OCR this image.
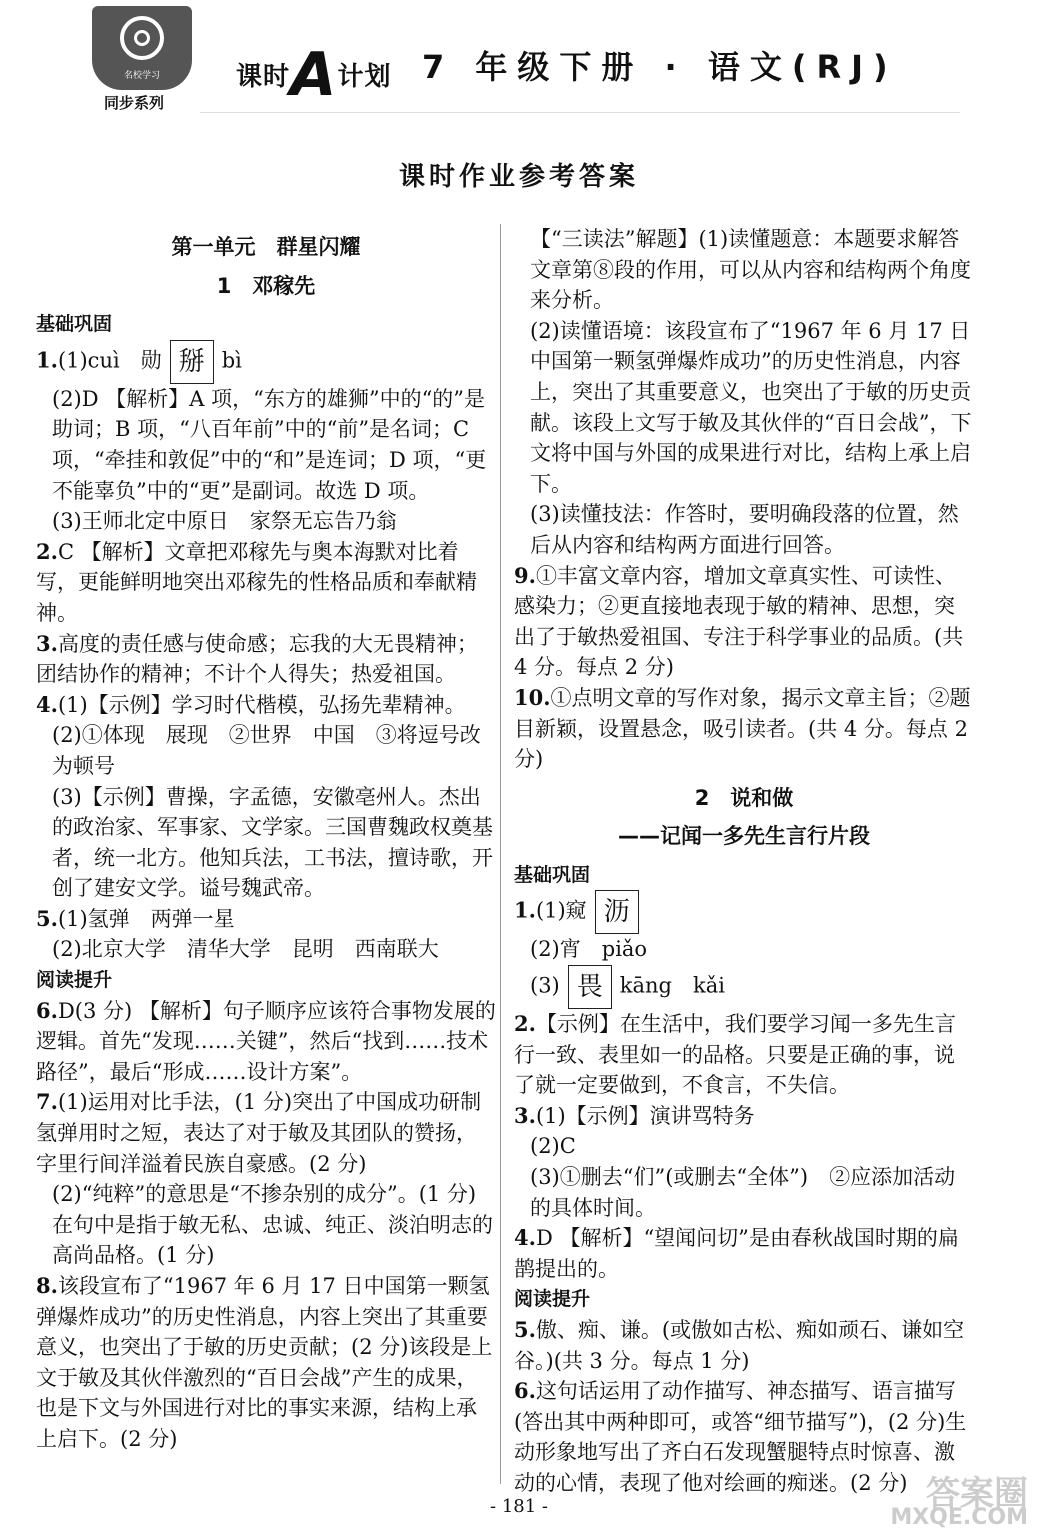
名校学习
同步系列
课时A计划 7 年级下册 · 语文(RJ)
课时作业参考答案
第一单元　群星闪耀
1　邓稼先
基础巩固
1.(1)cuì　勋 掰 bì
(2)D 【解析】A 项，“东方的雄狮”中的“的”是助词；B 项，“八百年前”中的“前”是名词；C 项，“牵挂和敦促”中的“和”是连词；D 项，“更不能辜负”中的“更”是副词。故选 D 项。
(3)王师北定中原日　家祭无忘告乃翁
2.C 【解析】文章把邓稼先与奥本海默对比着写，更能鲜明地突出邓稼先的性格品质和奉献精神。
3.高度的责任感与使命感；忘我的大无畏精神；团结协作的精神；不计个人得失；热爱祖国。
4.(1)【示例】学习时代楷模，弘扬先辈精神。
(2)①体现　展现　②世界　中国　③将逗号改为顿号
(3)【示例】曹操，字孟德，安徽亳州人。杰出的政治家、军事家、文学家。三国曹魏政权奠基者，统一北方。他知兵法，工书法，擅诗歌，开创了建安文学。谥号魏武帝。
5.(1)氢弹　两弹一星
(2)北京大学　清华大学　昆明　西南联大
阅读提升
6.D(3 分) 【解析】句子顺序应该符合事物发展的逻辑。首先“发现……关键”，然后“找到……技术路径”，最后“形成……设计方案”。
7.(1)运用对比手法，(1 分)突出了中国成功研制氢弹用时之短，表达了对于敏及其团队的赞扬，字里行间洋溢着民族自豪感。(2 分)
(2)“纯粹”的意思是“不掺杂别的成分”。(1 分)在句中是指于敏无私、忠诚、纯正、淡泊明志的高尚品格。(1 分)
8.该段宣布了“1967 年 6 月 17 日中国第一颗氢弹爆炸成功”的历史性消息，内容上突出了其重要意义，也突出了于敏的历史贡献；(2 分)该段是上文于敏及其伙伴激烈的“百日会战”产生的成果，也是下文与外国进行对比的事实来源，结构上承上启下。(2 分)
【“三读法”解题】(1)读懂题意：本题要求解答文章第⑧段的作用，可以从内容和结构两个角度来分析。
(2)读懂语境：该段宣布了“1967 年 6 月 17 日中国第一颗氢弹爆炸成功”的历史性消息，内容上，突出了其重要意义，也突出了于敏的历史贡献。该段上文写于敏及其伙伴的“百日会战”，下文将中国与外国的成果进行对比，结构上承上启下。
(3)读懂技法：作答时，要明确段落的位置，然后从内容和结构两方面进行回答。
9.①丰富文章内容，增加文章真实性、可读性、感染力；②更直接地表现于敏的精神、思想，突出了于敏热爱祖国、专注于科学事业的品质。(共 4 分。每点 2 分)
10.①点明文章的写作对象，揭示文章主旨；②题目新颖，设置悬念，吸引读者。(共 4 分。每点 2 分)
2　说和做
——记闻一多先生言行片段
基础巩固
1.(1)窥 沥
(2)宵　piǎo
(3) 畏 kāng　kǎi
2.【示例】在生活中，我们要学习闻一多先生言行一致、表里如一的品格。只要是正确的事，说了就一定要做到，不食言，不失信。
3.(1)【示例】演讲骂特务
(2)C
(3)①删去“们”(或删去“全体”)　②应添加活动的具体时间。
4.D 【解析】“望闻问切”是由春秋战国时期的扁鹊提出的。
阅读提升
5.傲、痴、谦。(或傲如古松、痴如顽石、谦如空谷。)(共 3 分。每点 1 分)
6.这句话运用了动作描写、神态描写、语言描写(答出其中两种即可，或答“细节描写”)，(2 分)生动形象地写出了齐白石发现蟹腿特点时惊喜、激动的心情，表现了他对绘画的痴迷。(2 分)
- 181 -	答案圈
MXQE.COM
